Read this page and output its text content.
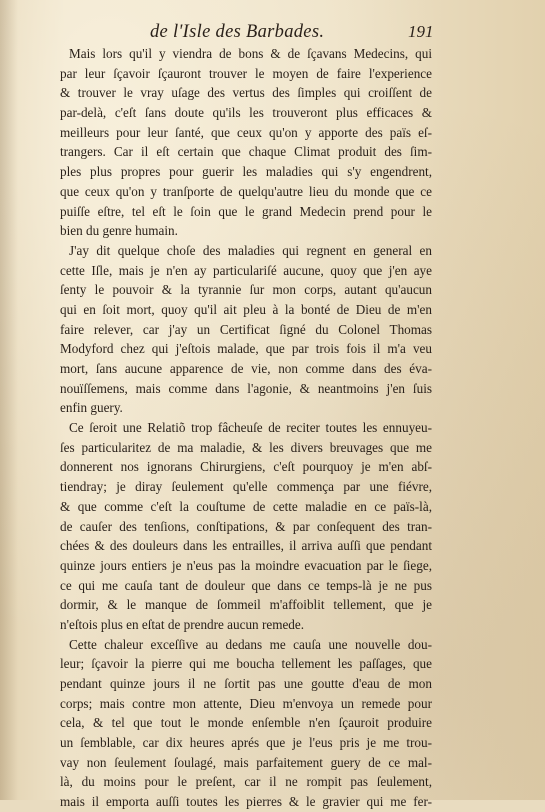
de l'Isle des Barbades.	191
Mais lors qu'il y viendra de bons & de ſçavans Medecins, qui
par leur ſçavoir ſçauront trouver le moyen de faire l'experience
& trouver le vray uſage des vertus des ſimples qui croiſſent de
par-delà, c'eſt ſans doute qu'ils les trouveront plus efficaces &
meilleurs pour leur ſanté, que ceux qu'on y apporte des païs eſ-
trangers. Car il eſt certain que chaque Climat produit des ſim-
ples plus propres pour guerir les maladies qui s'y engendrent,
que ceux qu'on y tranſporte de quelqu'autre lieu du monde que ce
puiſſe eſtre, tel eſt le ſoin que le grand Medecin prend pour le
bien du genre humain.
J'ay dit quelque choſe des maladies qui regnent en general en
cette Iſle, mais je n'en ay particulariſé aucune, quoy que j'en aye
ſenty le pouvoir & la tyrannie ſur mon corps, autant qu'aucun
qui en ſoit mort, quoy qu'il ait pleu à la bonté de Dieu de m'en
faire relever, car j'ay un Certificat ſigné du Colonel Thomas
Modyford chez qui j'eſtois malade, que par trois fois il m'a veu
mort, ſans aucune apparence de vie, non comme dans des éva-
nouïſſemens, mais comme dans l'agonie, & neantmoins j'en ſuis
enfin guery.
Ce ſeroit une Relatiõ trop fâcheuſe de reciter toutes les ennuyeu-
ſes particularitez de ma maladie, & les divers breuvages que me
donnerent nos ignorans Chirurgiens, c'eſt pourquoy je m'en abſ-
tiendray; je diray ſeulement qu'elle commença par une fiévre,
& que comme c'eſt la couſtume de cette maladie en ce païs-là,
de cauſer des tenſions, conſtipations, & par conſequent des tran-
chées & des douleurs dans les entrailles, il arriva auſſi que pendant
quinze jours entiers je n'eus pas la moindre evacuation par le ſiege,
ce qui me cauſa tant de douleur que dans ce temps-là je ne pus
dormir, & le manque de ſommeil m'affoiblit tellement, que je
n'eſtois plus en eſtat de prendre aucun remede.
Cette chaleur exceſſive au dedans me cauſa une nouvelle dou-
leur; ſçavoir la pierre qui me boucha tellement les paſſages, que
pendant quinze jours il ne ſortit pas une goutte d'eau de mon
corps; mais contre mon attente, Dieu m'envoya un remede pour
cela, & tel que tout le monde enſemble n'en ſçauroit produire
un ſemblable, car dix heures aprés que je l'eus pris je me trou-
vay non ſeulement ſoulagé, mais parfaitement guery de ce mal-
là, du moins pour le preſent, car il ne rompit pas ſeulement,
mais il emporta auſſi toutes les pierres & le gravier qui me fer-
